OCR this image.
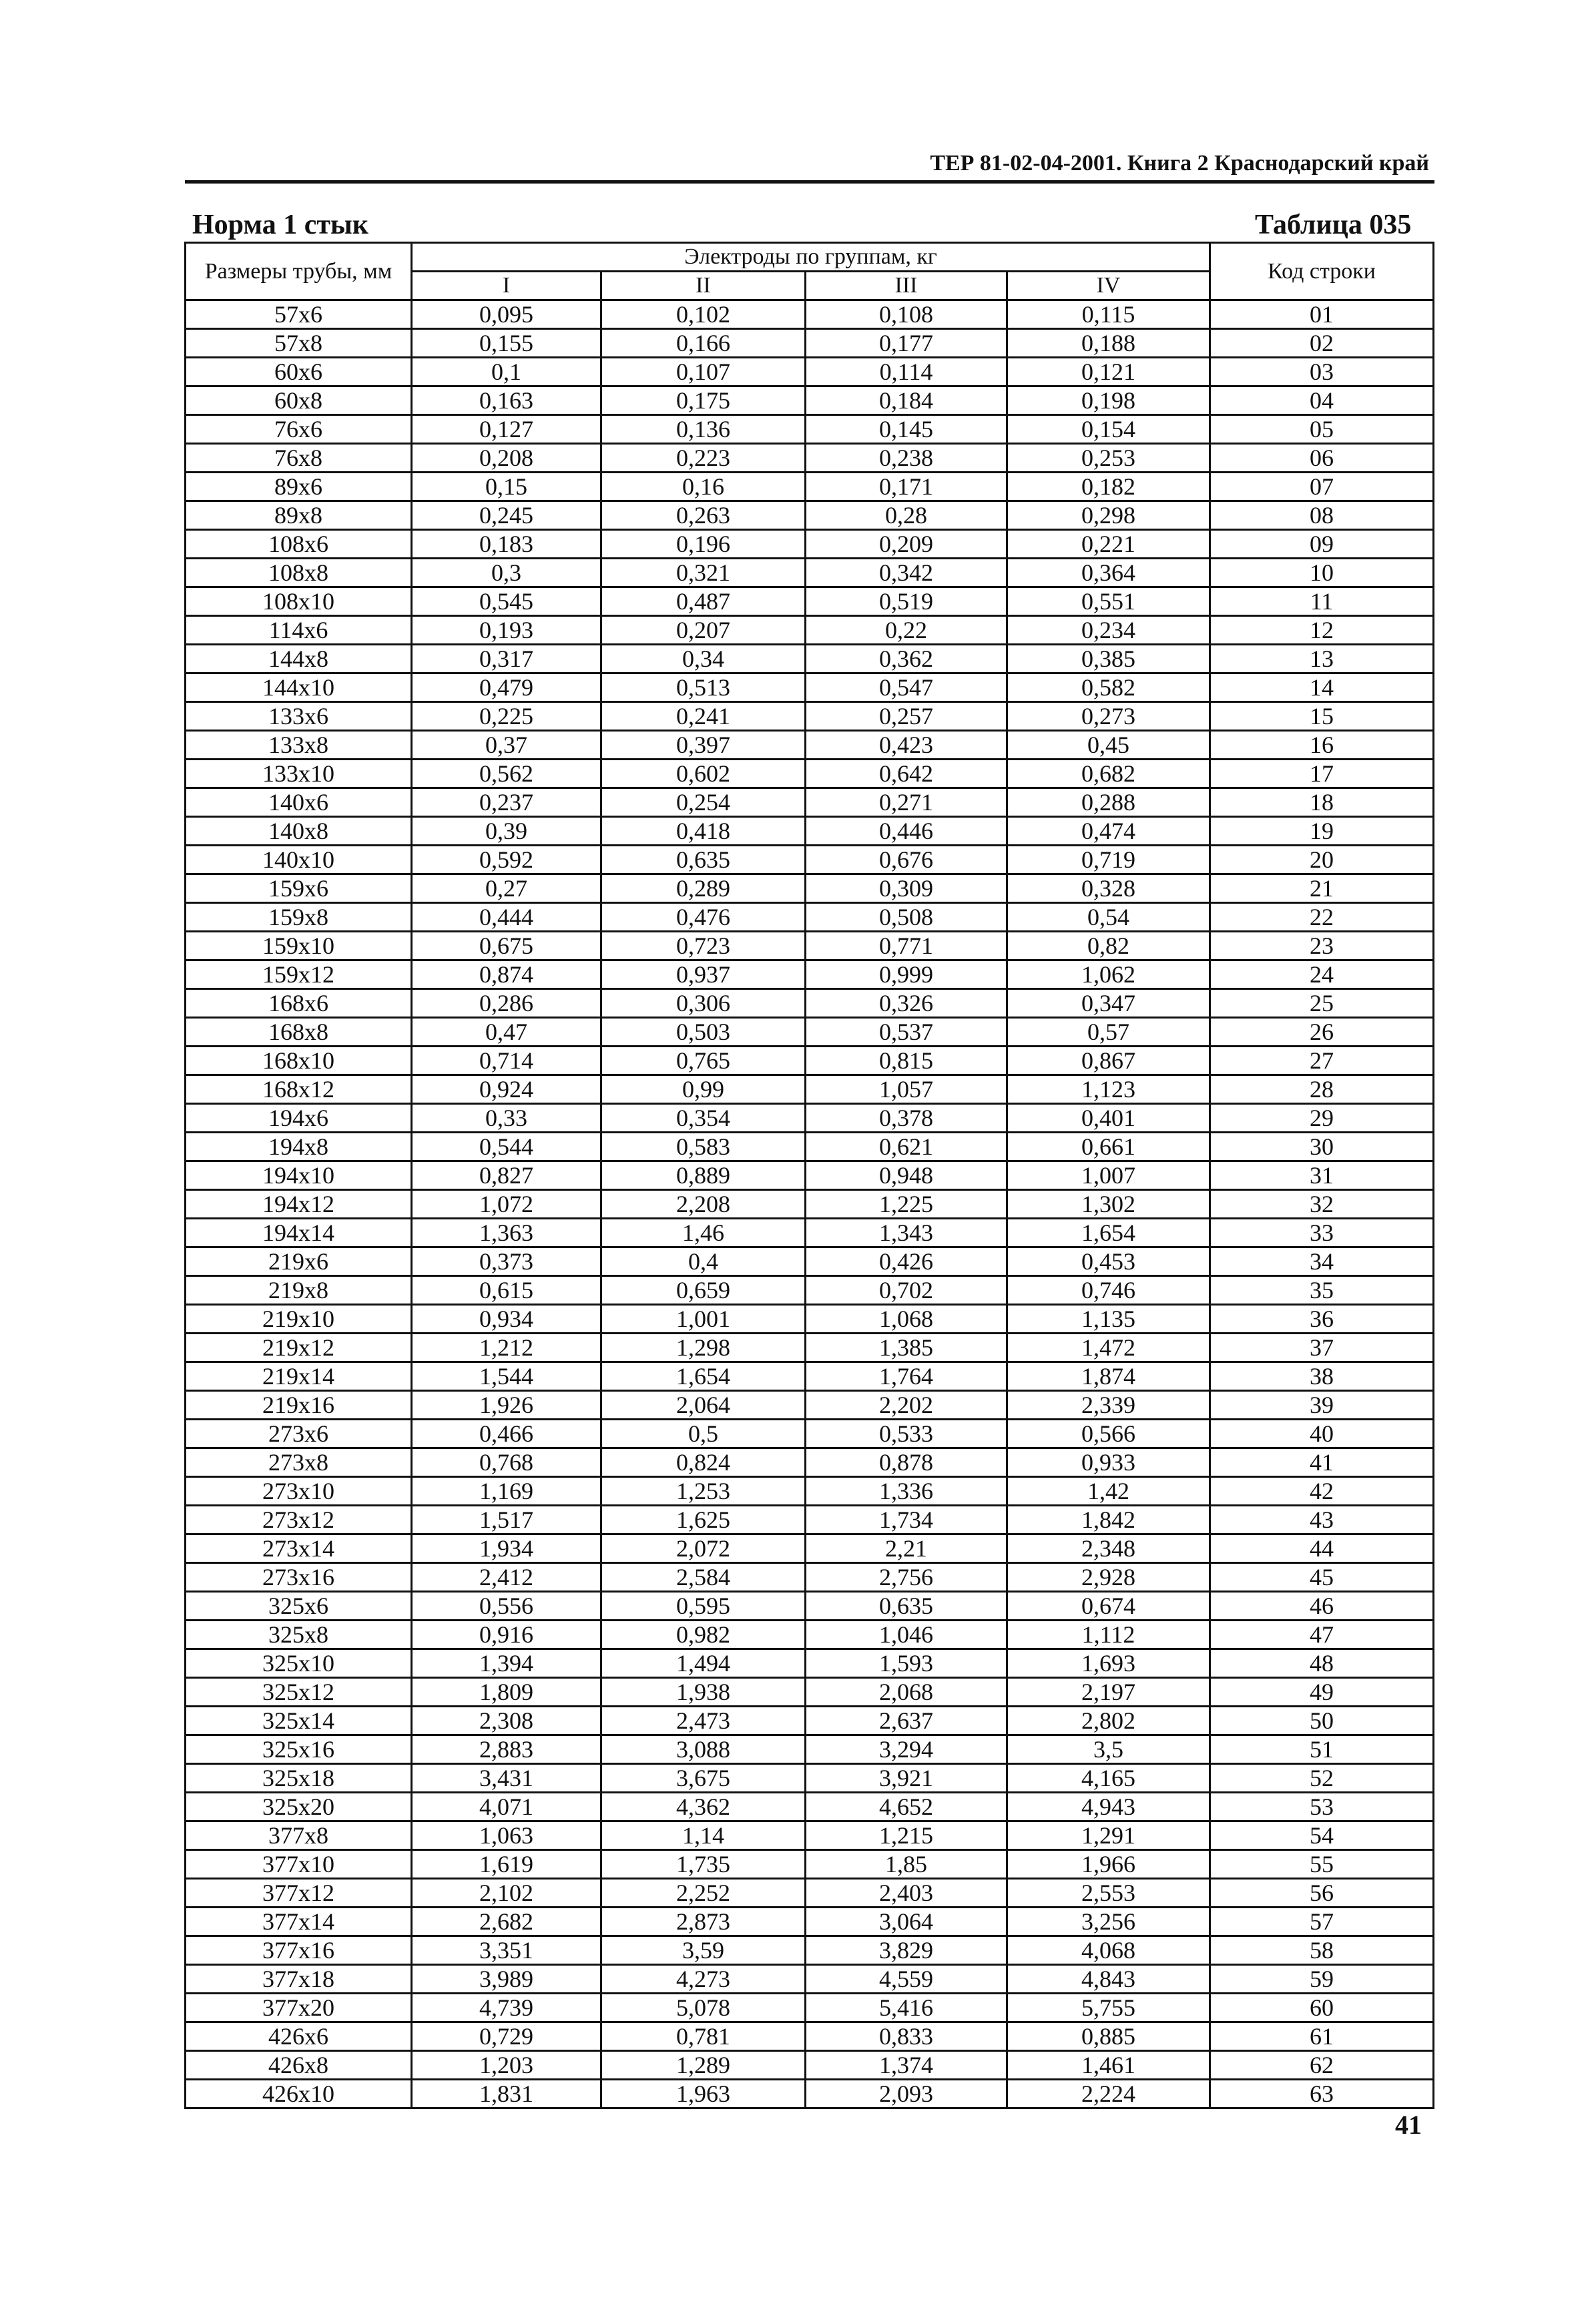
ТЕР 81-02-04-2001. Книга 2 Краснодарский край
Норма 1 стык	Таблица 035
Размеры трубы, мм	Электроды по группам, кг				Код строки
	I	II	III	IV	
57x6	0,095	0,102	0,108	0,115	01
57x8	0,155	0,166	0,177	0,188	02
60x6	0,1	0,107	0,114	0,121	03
60x8	0,163	0,175	0,184	0,198	04
76x6	0,127	0,136	0,145	0,154	05
76x8	0,208	0,223	0,238	0,253	06
89x6	0,15	0,16	0,171	0,182	07
89x8	0,245	0,263	0,28	0,298	08
108x6	0,183	0,196	0,209	0,221	09
108x8	0,3	0,321	0,342	0,364	10
108x10	0,545	0,487	0,519	0,551	11
114x6	0,193	0,207	0,22	0,234	12
144x8	0,317	0,34	0,362	0,385	13
144x10	0,479	0,513	0,547	0,582	14
133x6	0,225	0,241	0,257	0,273	15
133x8	0,37	0,397	0,423	0,45	16
133x10	0,562	0,602	0,642	0,682	17
140x6	0,237	0,254	0,271	0,288	18
140x8	0,39	0,418	0,446	0,474	19
140x10	0,592	0,635	0,676	0,719	20
159x6	0,27	0,289	0,309	0,328	21
159x8	0,444	0,476	0,508	0,54	22
159x10	0,675	0,723	0,771	0,82	23
159x12	0,874	0,937	0,999	1,062	24
168x6	0,286	0,306	0,326	0,347	25
168x8	0,47	0,503	0,537	0,57	26
168x10	0,714	0,765	0,815	0,867	27
168x12	0,924	0,99	1,057	1,123	28
194x6	0,33	0,354	0,378	0,401	29
194x8	0,544	0,583	0,621	0,661	30
194x10	0,827	0,889	0,948	1,007	31
194x12	1,072	2,208	1,225	1,302	32
194x14	1,363	1,46	1,343	1,654	33
219x6	0,373	0,4	0,426	0,453	34
219x8	0,615	0,659	0,702	0,746	35
219x10	0,934	1,001	1,068	1,135	36
219x12	1,212	1,298	1,385	1,472	37
219x14	1,544	1,654	1,764	1,874	38
219x16	1,926	2,064	2,202	2,339	39
273x6	0,466	0,5	0,533	0,566	40
273x8	0,768	0,824	0,878	0,933	41
273x10	1,169	1,253	1,336	1,42	42
273x12	1,517	1,625	1,734	1,842	43
273x14	1,934	2,072	2,21	2,348	44
273x16	2,412	2,584	2,756	2,928	45
325x6	0,556	0,595	0,635	0,674	46
325x8	0,916	0,982	1,046	1,112	47
325x10	1,394	1,494	1,593	1,693	48
325x12	1,809	1,938	2,068	2,197	49
325x14	2,308	2,473	2,637	2,802	50
325x16	2,883	3,088	3,294	3,5	51
325x18	3,431	3,675	3,921	4,165	52
325x20	4,071	4,362	4,652	4,943	53
377x8	1,063	1,14	1,215	1,291	54
377x10	1,619	1,735	1,85	1,966	55
377x12	2,102	2,252	2,403	2,553	56
377x14	2,682	2,873	3,064	3,256	57
377x16	3,351	3,59	3,829	4,068	58
377x18	3,989	4,273	4,559	4,843	59
377x20	4,739	5,078	5,416	5,755	60
426x6	0,729	0,781	0,833	0,885	61
426x8	1,203	1,289	1,374	1,461	62
426x10	1,831	1,963	2,093	2,224	63
41
